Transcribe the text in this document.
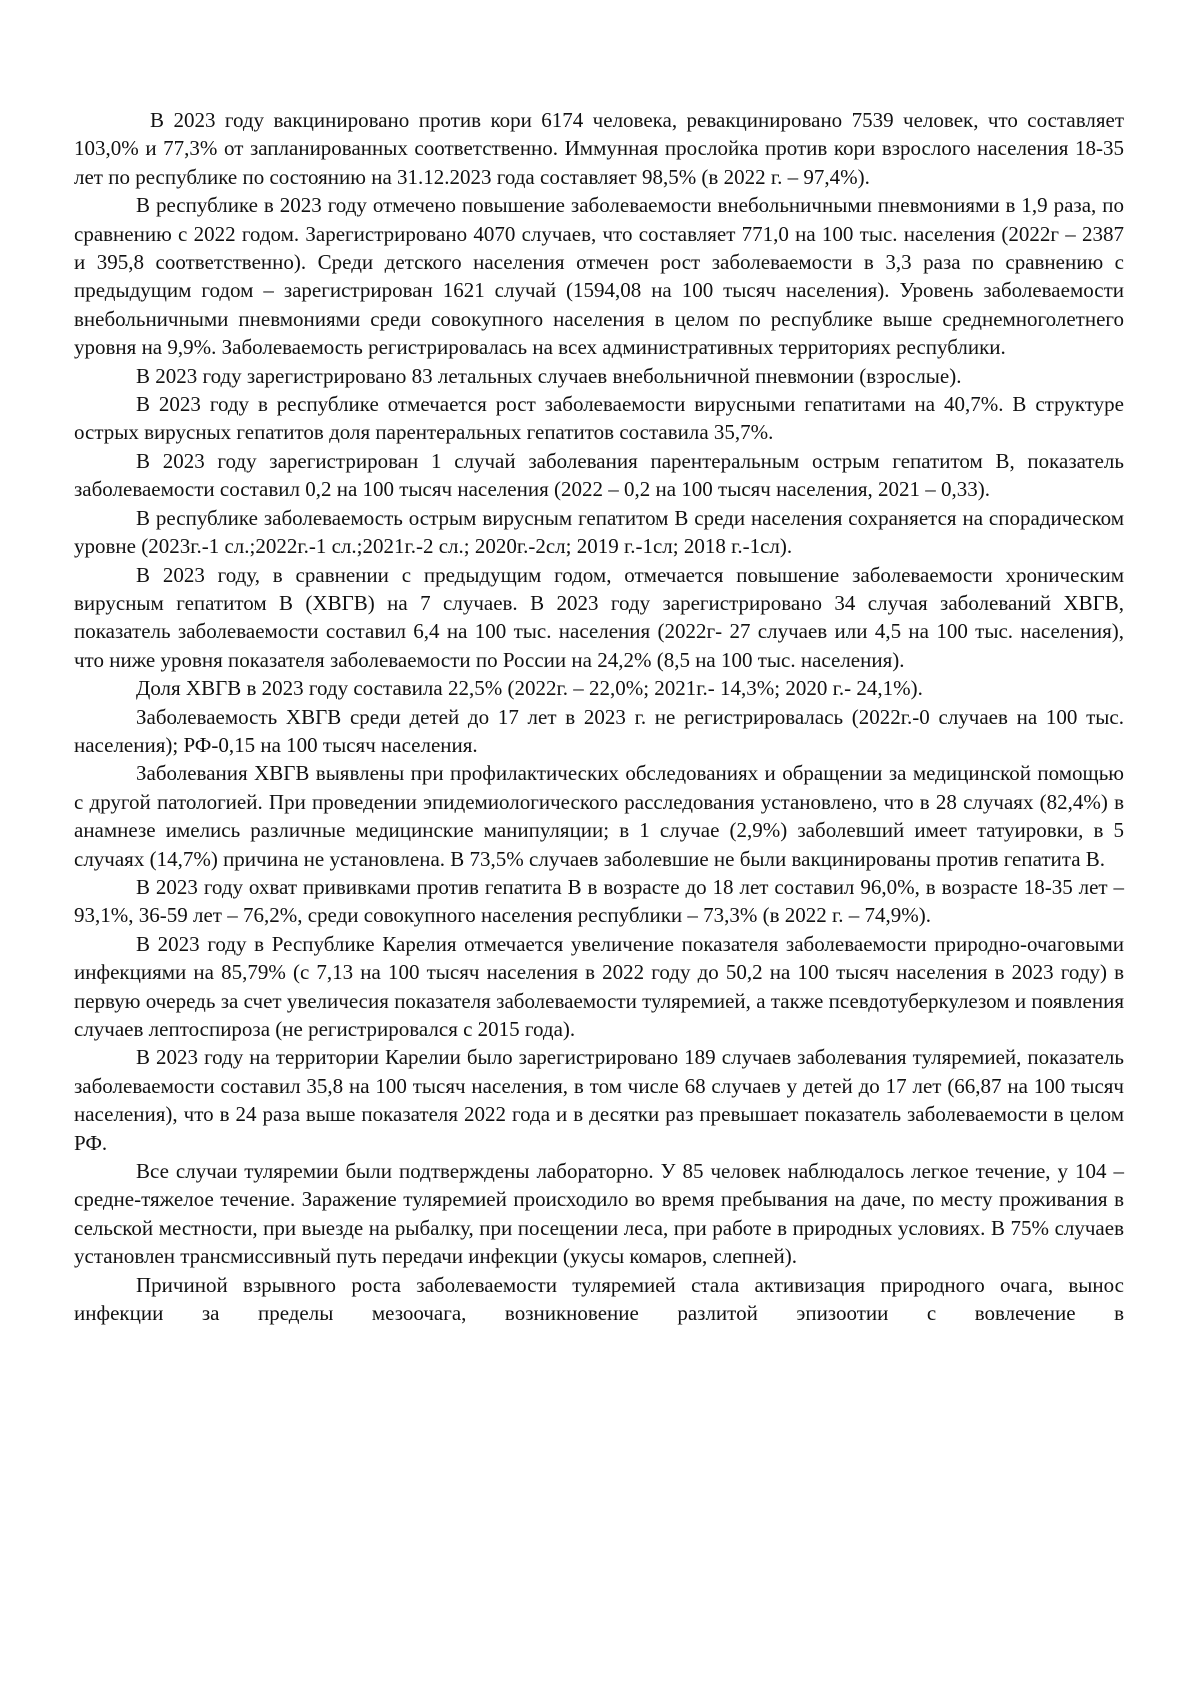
В 2023 году вакцинировано против кори 6174 человека, ревакцинировано 7539 человек, что составляет 103,0% и 77,3% от запланированных соответственно. Иммунная прослойка против кори взрослого населения 18-35 лет по республике по состоянию на 31.12.2023 года составляет 98,5% (в 2022 г. – 97,4%).

В республике в 2023 году отмечено повышение заболеваемости внебольничными пневмониями в 1,9 раза, по сравнению с 2022 годом. Зарегистрировано 4070 случаев, что составляет 771,0 на 100 тыс. населения (2022г – 2387 и 395,8 соответственно). Среди детского населения отмечен рост заболеваемости в 3,3 раза по сравнению с предыдущим годом – зарегистрирован 1621 случай (1594,08 на 100 тысяч населения). Уровень заболеваемости внебольничными пневмониями среди совокупного населения в целом по республике выше среднемноголетнего уровня на 9,9%. Заболеваемость регистрировалась на всех административных территориях республики.

В 2023 году зарегистрировано 83 летальных случаев внебольничной пневмонии (взрослые).

В 2023 году в республике отмечается рост заболеваемости вирусными гепатитами на 40,7%. В структуре острых вирусных гепатитов доля парентеральных гепатитов составила 35,7%.

В 2023 году зарегистрирован 1 случай заболевания парентеральным острым гепатитом В, показатель заболеваемости составил 0,2 на 100 тысяч населения (2022 – 0,2 на 100 тысяч населения, 2021 – 0,33).

В республике заболеваемость острым вирусным гепатитом В среди населения сохраняется на спорадическом уровне (2023г.-1 сл.;2022г.-1 сл.;2021г.-2 сл.; 2020г.-2сл; 2019 г.-1сл; 2018 г.-1сл).

В 2023 году, в сравнении с предыдущим годом, отмечается повышение заболеваемости хроническим вирусным гепатитом В (ХВГВ) на 7 случаев. В 2023 году зарегистрировано 34 случая заболеваний ХВГВ, показатель заболеваемости составил 6,4 на 100 тыс. населения (2022г- 27 случаев или 4,5 на 100 тыс. населения), что ниже уровня показателя заболеваемости по России на 24,2% (8,5 на 100 тыс. населения).

Доля ХВГВ в 2023 году составила 22,5% (2022г. – 22,0%; 2021г.- 14,3%; 2020 г.- 24,1%).

Заболеваемость ХВГВ среди детей до 17 лет в 2023 г. не регистрировалась (2022г.-0 случаев на 100 тыс. населения); РФ-0,15 на 100 тысяч населения.

Заболевания ХВГВ выявлены при профилактических обследованиях и обращении за медицинской помощью с другой патологией. При проведении эпидемиологического расследования установлено, что в 28 случаях (82,4%) в анамнезе имелись различные медицинские манипуляции; в 1 случае (2,9%) заболевший имеет татуировки, в 5 случаях (14,7%) причина не установлена. В 73,5% случаев заболевшие не были вакцинированы против гепатита В.

В 2023 году охват прививками против гепатита В в возрасте до 18 лет составил 96,0%, в возрасте 18-35 лет – 93,1%, 36-59 лет – 76,2%, среди совокупного населения республики – 73,3% (в 2022 г. – 74,9%).

В 2023 году в Республике Карелия отмечается увеличение показателя заболеваемости природно-очаговыми инфекциями на 85,79% (с 7,13 на 100 тысяч населения в 2022 году до 50,2 на 100 тысяч населения в 2023 году) в первую очередь за счет увеличесия показателя заболеваемости туляремией, а также псевдотуберкулезом и появления случаев лептоспироза (не регистрировался с 2015 года).

В 2023 году на территории Карелии было зарегистрировано 189 случаев заболевания туляремией, показатель заболеваемости составил 35,8 на 100 тысяч населения, в том числе 68 случаев у детей до 17 лет (66,87 на 100 тысяч населения), что в 24 раза выше показателя 2022 года и в десятки раз превышает показатель заболеваемости в целом РФ.

Все случаи туляремии были подтверждены лабораторно. У 85 человек наблюдалось легкое течение, у 104 – средне-тяжелое течение. Заражение туляремией происходило во время пребывания на даче, по месту проживания в сельской местности, при выезде на рыбалку, при посещении леса, при работе в природных условиях. В 75% случаев установлен трансмиссивный путь передачи инфекции (укусы комаров, слепней).

Причиной взрывного роста заболеваемости туляремией стала активизация природного очага, вынос инфекции за пределы мезоочага, возникновение разлитой эпизоотии с вовлечение в
